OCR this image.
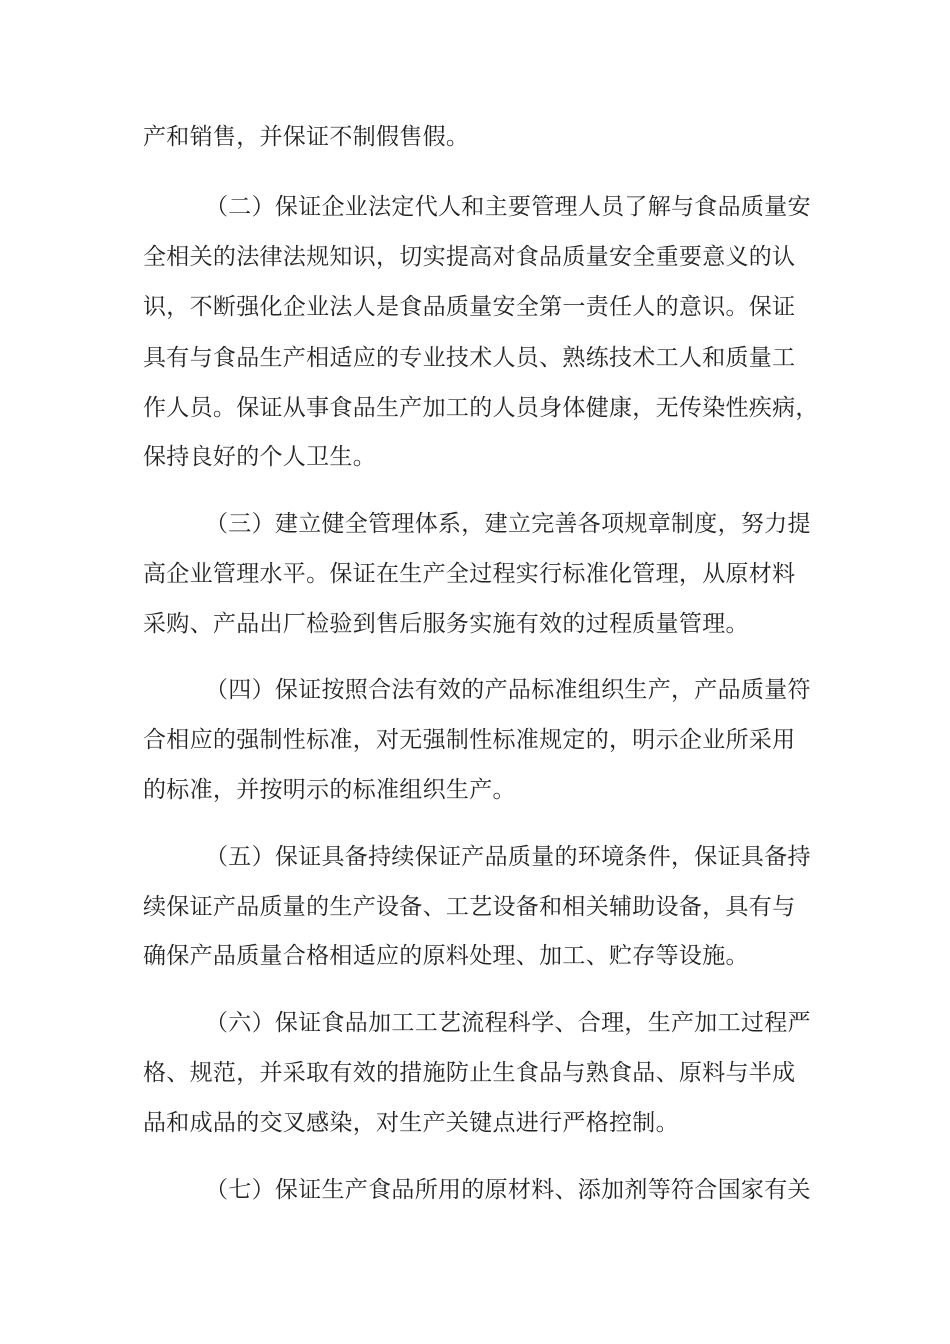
产和销售，并保证不制假售假。
（二）保证企业法定代人和主要管理人员了解与食品质量安
全相关的法律法规知识，切实提高对食品质量安全重要意义的认
识，不断强化企业法人是食品质量安全第一责任人的意识。保证
具有与食品生产相适应的专业技术人员、熟练技术工人和质量工
作人员。保证从事食品生产加工的人员身体健康，无传染性疾病，
保持良好的个人卫生。
（三）建立健全管理体系，建立完善各项规章制度，努力提
高企业管理水平。保证在生产全过程实行标准化管理，从原材料
采购、产品出厂检验到售后服务实施有效的过程质量管理。
（四）保证按照合法有效的产品标准组织生产，产品质量符
合相应的强制性标准，对无强制性标准规定的，明示企业所采用
的标准，并按明示的标准组织生产。
（五）保证具备持续保证产品质量的环境条件，保证具备持
续保证产品质量的生产设备、工艺设备和相关辅助设备，具有与
确保产品质量合格相适应的原料处理、加工、贮存等设施。
（六）保证食品加工工艺流程科学、合理，生产加工过程严
格、规范，并采取有效的措施防止生食品与熟食品、原料与半成
品和成品的交叉感染，对生产关键点进行严格控制。
（七）保证生产食品所用的原材料、添加剂等符合国家有关
